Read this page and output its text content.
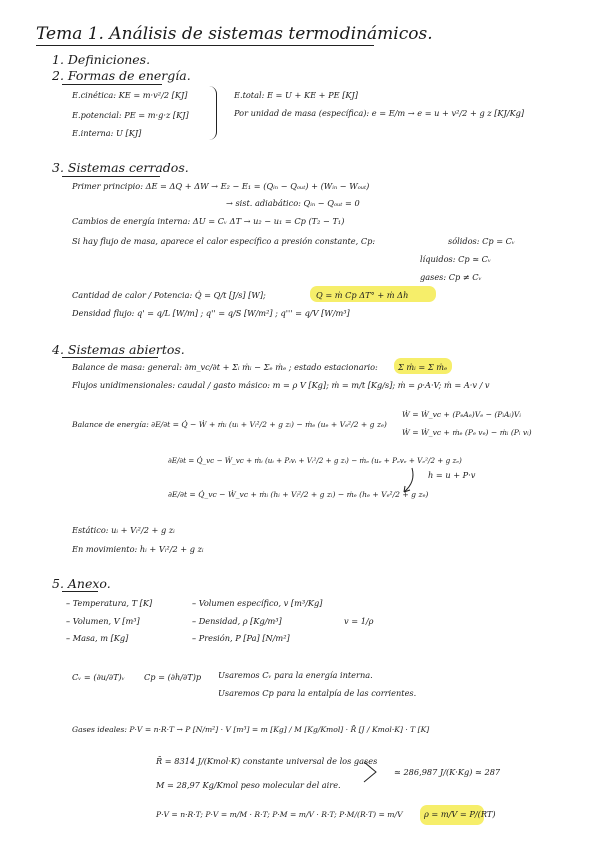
Tema 1. Análisis de sistemas termodinámicos.
1. Definiciones.
2. Formas de energía.
E.cinética: KE = m·v²/2 [KJ]
E.potencial: PE = m·g·z [KJ]
E.interna: U [KJ]
E.total: E = U + KE + PE [KJ]
Por unidad de masa (específica): e = E/m → e = u + v²/2 + g z [KJ/Kg]
3. Sistemas cerrados.
Primer principio: ΔE = ΔQ + ΔW → E₂ − E₁ = (Qᵢₙ − Qₒᵤₜ) + (Wᵢₙ − Wₒᵤₜ)
→ sist. adiabático: Qᵢₙ − Qₒᵤₜ = 0
Cambios de energía interna: ΔU = Cᵥ ΔT → u₂ − u₁ = Cp (T₂ − T₁)
Si hay flujo de masa, aparece el calor específico a presión constante, Cp:	sólidos: Cp = Cᵥ
líquidos: Cp ≃ Cᵥ
gases: Cp ≠ Cᵥ
Cantidad de calor / Potencia: Q̇ = Q/t [J/s] [W];	Q = ṁ Cp ΔT° + ṁ Δh
Densidad flujo: q' = q/L [W/m] ; q'' = q/S [W/m²] ; q''' = q/V [W/m³]
4. Sistemas abiertos.
Balance de masa: general: ∂m_vc/∂t + Σᵢ ṁᵢ − Σₑ ṁₑ ; estado estacionario: Σ ṁᵢ = Σ ṁₑ
Flujos unidimensionales: caudal / gasto másico: m = ρ V [Kg]; ṁ = m/t [Kg/s]; ṁ = ρ·A·V; ṁ = A·v / v
Balance de energía: ∂E/∂t = Q̇ − Ẇ + ṁᵢ (uᵢ + Vᵢ²/2 + g zᵢ) − ṁₑ (uₑ + Vₑ²/2 + g zₑ)
Ẇ = Ẇ_vc + (PₑAₑ)Vₑ − (PᵢAᵢ)Vᵢ
Ẇ = Ẇ_vc + ṁₑ (Pₑ vₑ) − ṁᵢ (Pᵢ vᵢ)
∂E/∂t = Q̇_vc − Ẇ_vc + ṁᵢ (uᵢ + Pᵢvᵢ + Vᵢ²/2 + g zᵢ) − ṁₑ (uₑ + Pₑvₑ + Vₑ²/2 + g zₑ)
h = u + P·v
∂E/∂t = Q̇_vc − Ẇ_vc + ṁᵢ (hᵢ + Vᵢ²/2 + g zᵢ) − ṁₑ (hₑ + Vₑ²/2 + g zₑ)
Estático: uᵢ + Vᵢ²/2 + g zᵢ
En movimiento: hᵢ + Vᵢ²/2 + g zᵢ
5. Anexo.
– Temperatura, T [K]
– Volumen, V [m³]
– Masa, m [Kg]
– Volumen específico, v [m³/Kg]
– Densidad, ρ [Kg/m³]
– Presión, P [Pa] [N/m²]
v = 1/ρ
Cᵥ = (∂u/∂T)ᵥ Cp = (∂h/∂T)p Usaremos Cᵥ para la energía interna.
Usaremos Cp para la entalpía de las corrientes.
Gases ideales: P·V = n·R·T → P [N/m²] · V [m³] = m [Kg] / M [Kg/Kmol] · R̄ [J / Kmol·K] · T [K]
R̄ = 8314 J/(Kmol·K) constante universal de los gases
≃ 286,987 J/(K·Kg) ≃ 287
M = 28,97 Kg/Kmol peso molecular del aire.
P·V = n·R·T; P·V = m/M · R·T; P·M = m/V · R·T; P·M/(R·T) = m/V	ρ = m/V = P/(RT)
